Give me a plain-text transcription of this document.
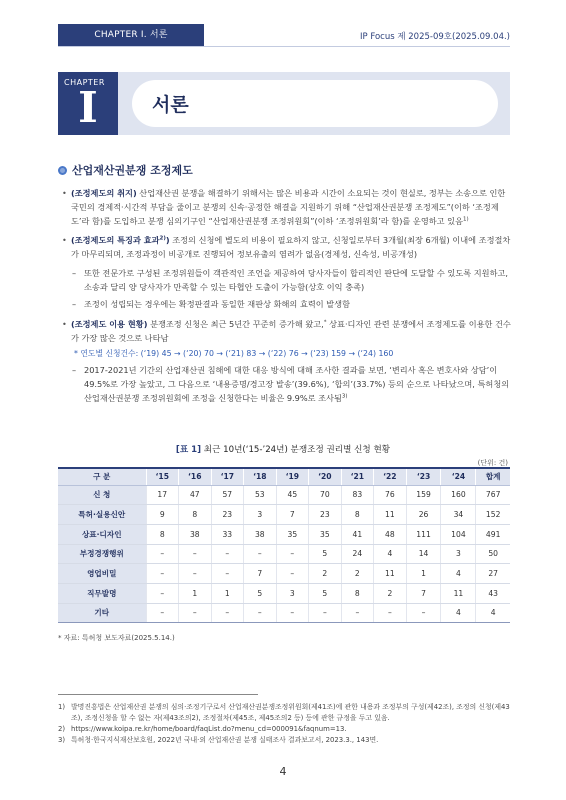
CHAPTER Ⅰ. 서론	IP Focus 제 2025-09호(2025.09.04.)
CHAPTER
I	서론
산업재산권분쟁 조정제도
• (조정제도의 취지) 산업재산권 분쟁을 해결하기 위해서는 많은 비용과 시간이 소요되는 것이 현실로, 정부는 소송으로 인한 국민의 경제적·시간적 부담을 줄이고 분쟁의 신속·공정한 해결을 지원하기 위해 “산업재산권분쟁 조정제도”(이하 ‘조정제도’라 함)를 도입하고 분쟁 심의기구인 “산업재산권분쟁 조정위원회”(이하 ‘조정위원회’라 함)를 운영하고 있음$^{1)}$
• (조정제도의 특징과 효과$^{2)}$) 조정의 신청에 별도의 비용이 필요하지 않고, 신청일로부터 3개월(최장 6개월) 이내에 조정절차가 마무리되며, 조정과정이 비공개로 진행되어 정보유출의 염려가 없음(경제성, 신속성, 비공개성)
– 또한 전문가로 구성된 조정위원들이 객관적인 조언을 제공하여 당사자들이 합리적인 판단에 도달할 수 있도록 지원하고, 소송과 달리 양 당사자가 만족할 수 있는 타협안 도출이 가능함(상호 이익 충족)
– 조정이 성립되는 경우에는 확정판결과 동일한 재판상 화해의 효력이 발생함
• (조정제도 이용 현황) 분쟁조정 신청은 최근 5년간 꾸준히 증가해 왔고,* 상표·디자인 관련 분쟁에서 조정제도를 이용한 건수가 가장 많은 것으로 나타남
* 연도별 신청건수: (‘19) 45 → (‘20) 70 → (‘21) 83 → (‘22) 76 → (‘23) 159 → (‘24) 160
– 2017-2021년 기간의 산업재산권 침해에 대한 대응 방식에 대해 조사한 결과를 보면, ‘변리사 혹은 변호사와 상담’이 49.5%로 가장 높았고, 그 다음으로 ‘내용증명/경고장 발송’(39.6%), ‘합의’(33.7%) 등의 순으로 나타났으며, 특허청의 산업재산권분쟁 조정위원회에 조정을 신청한다는 비율은 9.9%로 조사됨$^{3)}$
[표 1] 최근 10년(‘15-’24년) 분쟁조정 권리별 신청 현황
(단위: 건)
구 분	‘15	‘16	‘17	‘18	‘19	‘20	‘21	‘22	‘23	‘24	합계
신 청	17	47	57	53	45	70	83	76	159	160	767
특허·실용신안	9	8	23	3	7	23	8	11	26	34	152
상표·디자인	8	38	33	38	35	35	41	48	111	104	491
부정경쟁행위	–	–	–	–	–	5	24	4	14	3	50
영업비밀	–	–	–	7	–	2	2	11	1	4	27
직무발명	–	1	1	5	3	5	8	2	7	11	43
기타	–	–	–	–	–	–	–	–	–	4	4
* 자료: 특허청 보도자료(2025.5.14.)
1) 발명진흥법은 산업재산권 분쟁의 심의·조정기구로서 산업재산권분쟁조정위원회(제41조)에 관한 내용과 조정부의 구성(제42조), 조정의 신청(제43조), 조정신청을 할 수 없는 자(제43조의2), 조정절차(제45조, 제45조의2 등) 등에 관한 규정을 두고 있음.
2) https://www.koipa.re.kr/home/board/faqList.do?menu_cd=000091&faqnum=13.
3) 특허청·한국지식재산보호원, 2022년 국내·외 산업재산권 분쟁 실태조사 결과보고서, 2023.3., 143면.
4
